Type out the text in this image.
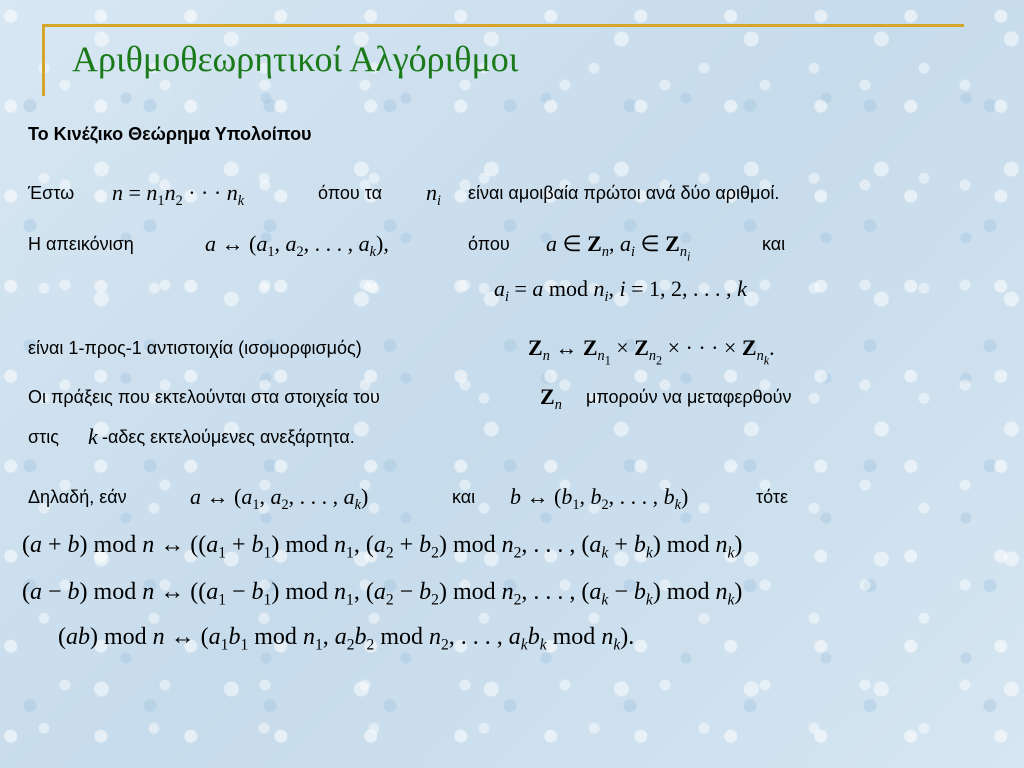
Αριθμοθεωρητικοί Αλγόριθμοι
Το Κινέζικο Θεώρημα Υπολοίπου
Έστω $n = n_1n_2$ · · · $n_k$	όπου τα $n_i$ είναι αμοιβαία πρώτοι ανά δύο αριθμοί.
Η απεικόνιση	a ↔ ($a_1$, $a_2$, . . . , $a_k$),	όπου a ∈ $Z_n$, $a_i$ ∈ $Z_{n_i}$
και
$a_i = a$ mod $n_i$, i = 1, 2, . . . , k
είναι 1-προς-1 αντιστοιχία (ισομορφισμός)	$Z_n$ ↔ $Z_{n_1} \times Z_{n_2}$ × · · · × $Z_{n_k}$.
Οι πράξεις που εκτελούνται στα στοιχεία του	$Z_n$ μπορούν να μεταφερθούν
στις k -αδες εκτελούμενες ανεξάρτητα.
Δηλαδή, εάν	a ↔ ($a_1$, $a_2$, . . . , $a_k$)	και b ↔ ($b_1$, $b_2$, . . . , $b_k$)	τότε
(a + b) mod n ↔ ($(a_1 + b_1)$ mod $n_1$, $(a_2 + b_2)$ mod $n_2$, . . . , $(a_k + b_k)$ mod $n_k$)
(a − b) mod n ↔ ($(a_1 - b_1)$ mod $n_1$, $(a_2 - b_2)$ mod $n_2$, . . . , $(a_k - b_k)$ mod $n_k$)
(ab) mod n ↔ ($a_1b_1$ mod $n_1$, $a_2b_2$ mod $n_2$, . . . , $a_kb_k$ mod $n_k$).
